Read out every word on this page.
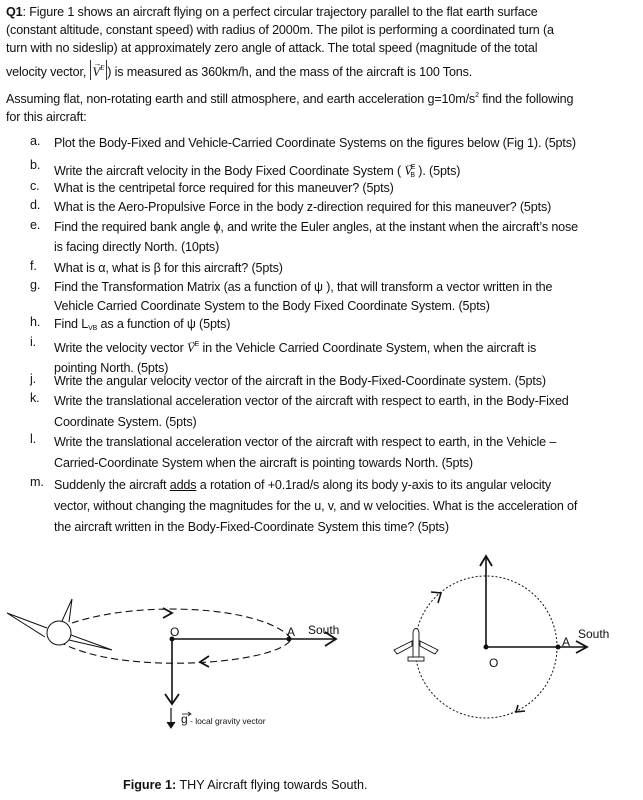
Q1: Figure 1 shows an aircraft flying on a perfect circular trajectory parallel to the flat earth surface
(constant altitude, constant speed) with radius of 2000m. The pilot is performing a coordinated turn (a
turn with no sideslip) at approximately zero angle of attack. The total speed (magnitude of the total
velocity vector, → $V^E$ ) is measured as 360km/h, and the mass of the aircraft is 100 Tons.
Assuming flat, non-rotating earth and still atmosphere, and earth acceleration $g=10m/s^2$ find the following
for this aircraft:
a. Plot the Body-Fixed and Vehicle-Carried Coordinate Systems on the figures below (Fig 1). (5pts)
b. Write the aircraft velocity in the Body Fixed Coordinate System ( → $V^E_B$ ). (5pts)
c. What is the centripetal force required for this maneuver? (5pts)
d. What is the Aero-Propulsive Force in the body z-direction required for this maneuver? (5pts)
e. Find the required bank angle ϕ, and write the Euler angles, at the instant when the aircraft’s nose
is facing directly North. (10pts)
f. What is α, what is β for this aircraft? (5pts)
g. Find the Transformation Matrix (as a function of ψ ), that will transform a vector written in the
Vehicle Carried Coordinate System to the Body Fixed Coordinate System. (5pts)
h. Find $L_{VB}$ as a function of ψ (5pts)
i. Write the velocity vector → $V^E$ in the Vehicle Carried Coordinate System, when the aircraft is
pointing North. (5pts)
j. Write the angular velocity vector of the aircraft in the Body-Fixed-Coordinate system. (5pts)
k. Write the translational acceleration vector of the aircraft with respect to earth, in the Body-Fixed
Coordinate System. (5pts)
l. Write the translational acceleration vector of the aircraft with respect to earth, in the Vehicle –
Carried-Coordinate System when the aircraft is pointing towards North. (5pts)
m. Suddenly the aircraft adds a rotation of +0.1rad/s along its body y-axis to its angular velocity
vector, without changing the magnitudes for the u, v, and w velocities. What is the acceleration of
the aircraft written in the Body-Fixed-Coordinate System this time? (5pts)
O	A South
g - local gravity vector
O
A
South
Figure 1: THY Aircraft flying towards South.
